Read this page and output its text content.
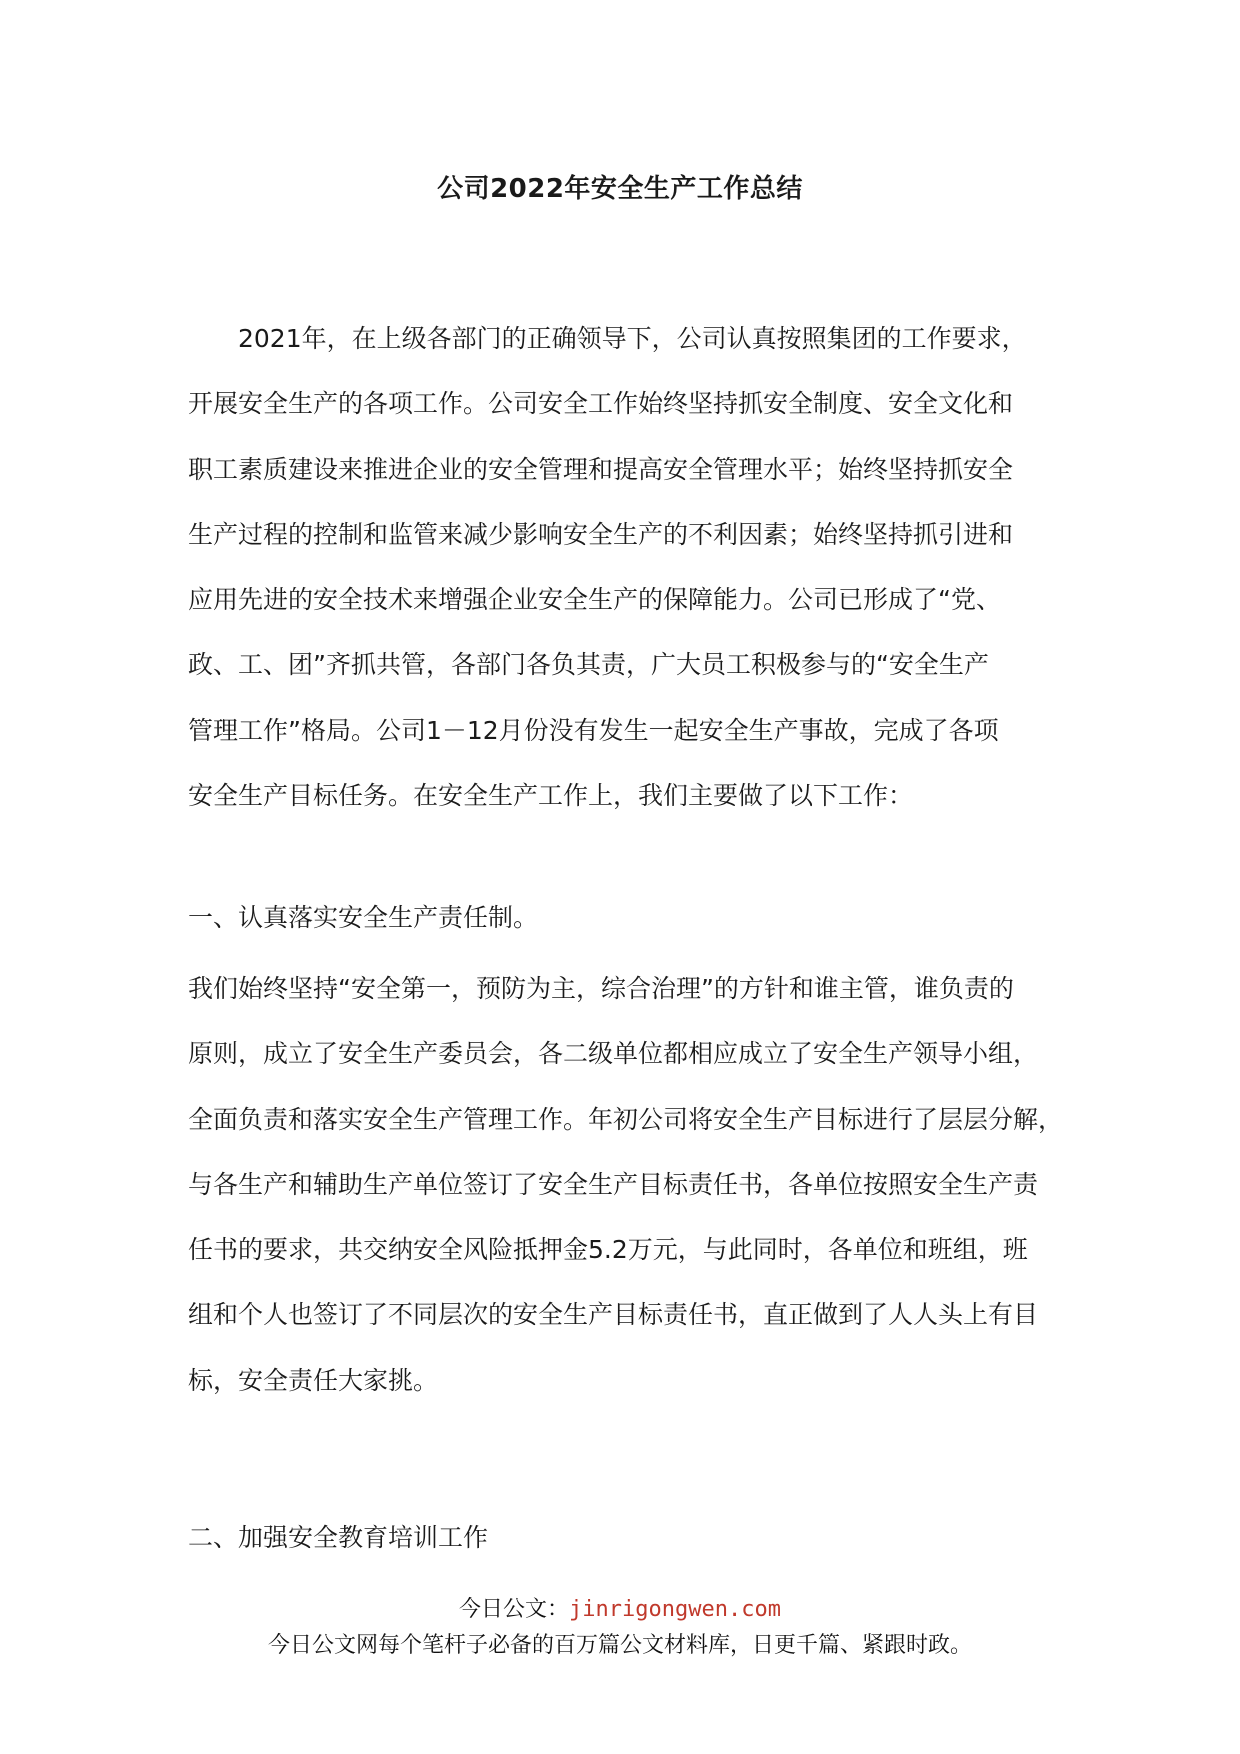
公司2022年安全生产工作总结
2021年，在上级各部门的正确领导下，公司认真按照集团的工作要求，
开展安全生产的各项工作。公司安全工作始终坚持抓安全制度、安全文化和
职工素质建设来推进企业的安全管理和提高安全管理水平；始终坚持抓安全
生产过程的控制和监管来减少影响安全生产的不利因素；始终坚持抓引进和
应用先进的安全技术来增强企业安全生产的保障能力。公司已形成了“党、
政、工、团”齐抓共管，各部门各负其责，广大员工积极参与的“安全生产
管理工作”格局。公司1－12月份没有发生一起安全生产事故，完成了各项
安全生产目标任务。在安全生产工作上，我们主要做了以下工作：
一、认真落实安全生产责任制。
我们始终坚持“安全第一，预防为主，综合治理”的方针和谁主管，谁负责的
原则，成立了安全生产委员会，各二级单位都相应成立了安全生产领导小组，
全面负责和落实安全生产管理工作。年初公司将安全生产目标进行了层层分解，
与各生产和辅助生产单位签订了安全生产目标责任书，各单位按照安全生产责
任书的要求，共交纳安全风险抵押金5.2万元，与此同时，各单位和班组，班
组和个人也签订了不同层次的安全生产目标责任书，直正做到了人人头上有目
标，安全责任大家挑。
二、加强安全教育培训工作
今日公文：jinrigongwen.com
今日公文网每个笔杆子必备的百万篇公文材料库，日更千篇、紧跟时政。
